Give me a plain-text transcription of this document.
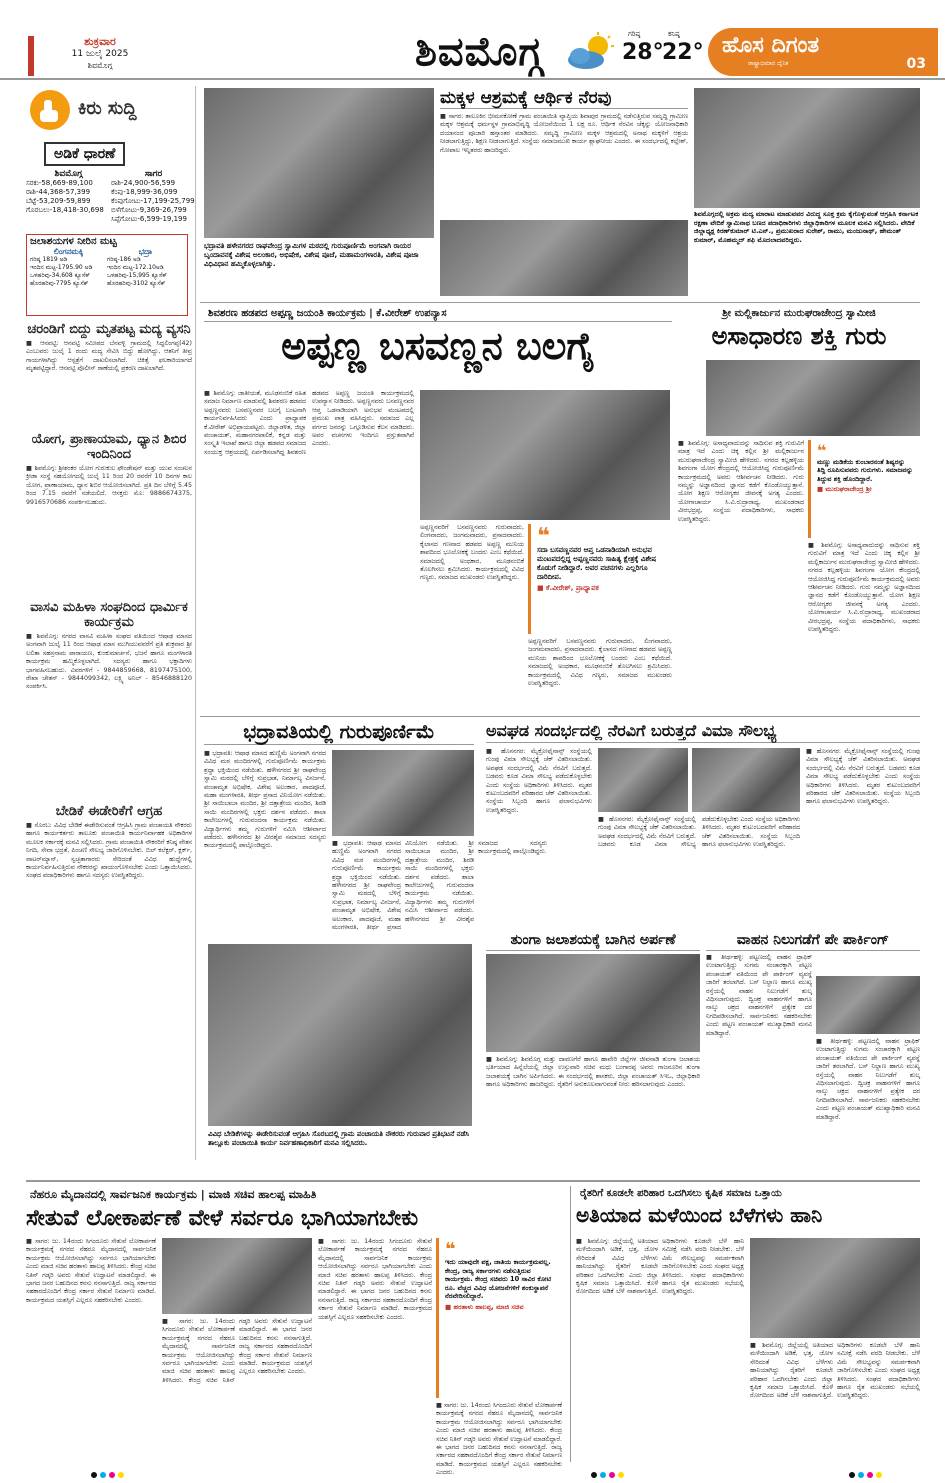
ಶುಕ್ರವಾರ
11 ಜುಲೈ 2025
ಶಿವಮೊಗ್ಗ	ಶಿವಮೊಗ್ಗ	ಗರಿಷ್ಠ	ಕನಿಷ್ಠ
28°
22° ಹೊಸ ದಿಗಂತ
ರಾಷ್ಟ್ರಾಭಿಮಾನ ದೈನಿಕ	03
ಕಿರು ಸುದ್ದಿ
ಅಡಿಕೆ ಧಾರಣೆ
ಶಿವಮೊಗ್ಗ
ಸರಕು-58,669-89,100
ರಾಶಿ-44,368-57,399
ಬೆಟ್ಟೆ-53,209-59,899
ಗೊರಬಲು-18,418-30,698
ಸಾಗರ
ರಾಶಿ-24,900-56,599
ಕೆಂಪು-18,999-36,099
ಕೆಂಪುಗೋಟು-17,199-25,799
ಬಿಳೆಗೋಟು-9,369-26,799
ಸಿಪ್ಪೆಗೋಟು-6,599-19,199
ಜಲಾಶಯಗಳ ನೀರಿನ ಮಟ್ಟ
ಲಿಂಗನಮಕ್ಕಿ
ಗರಿಷ್ಠ 1819 ಅಡಿ
ಇಂದಿನ ಮಟ್ಟ-1795.90 ಅಡಿ
ಒಳಹರಿವು-34,608 ಕ್ಯೂಸೆಕ್
ಹೊರಹರಿವು-7795 ಕ್ಯೂಸೆಕ್
ಭದ್ರಾ
ಗರಿಷ್ಠ-186 ಅಡಿ
ಇಂದಿನ ಮಟ್ಟ-172.10ಅಡಿ
ಒಳಹರಿವು-15,995 ಕ್ಯೂಸೆಕ್
ಹೊರಹರಿವು-3102 ಕ್ಯೂಸೆಕ್
ಚರಂಡಿಗೆ ಬಿದ್ದು ಮೃತಪಟ್ಟ ಮದ್ಯ ವ್ಯಸನಿ
■ ಆನವಟ್ಟಿ: ಆನವಟ್ಟಿ ಸಮೀಪದ ಬೆನವಳ್ಳಿ ಗ್ರಾಮದಲ್ಲಿ ಸಿದ್ದಲಿಂಗಪ್ಪ(42) ಎಂಬುವರು ಜುಲೈ 1 ರಂದು ಮದ್ಯ ಸೇವಿಸಿ ಬಿದ್ದು ಹೋಗಿದ್ದು, ಆತನಿಗೆ ತೀವ್ರ ಗಾಯಗಳಾಗಿದ್ದು ಆಸ್ಪತ್ರೆಗೆ ದಾಖಲಿಸಲಾಗಿದೆ. ಚಿಕಿತ್ಸೆ ಫಲಕಾರಿಯಾಗದೆ ಮೃತಪಟ್ಟಿದ್ದಾರೆ. ಆನವಟ್ಟಿ ಪೊಲೀಸ್ ಠಾಣೆಯಲ್ಲಿ ಪ್ರಕರಣ ದಾಖಲಾಗಿದೆ.
ಯೋಗ, ಪ್ರಾಣಾಯಾಮ, ಧ್ಯಾನ ಶಿಬಿರ ಇಂದಿನಿಂದ
■ ಶಿವಮೊಗ್ಗ: ಶ್ರೀಶಂಕರ ಯೋಗ ಗುರುಕುಲ ಫೌಂಡೇಷನ್ ಮತ್ತು ಯುವ ಸಂಚಲನ ಕ್ರೀಡಾ ಸಂಸ್ಥೆ ಸಹಯೋಗದಲ್ಲಿ ಜುಲೈ 11 ರಿಂದ 20 ರವರೆಗೆ 10 ದಿನಗಳ ಕಾಲ ಯೋಗ, ಪ್ರಾಣಾಯಾಮ, ಧ್ಯಾನ ಶಿಬಿರ ಆಯೋಜಿಸಲಾಗಿದೆ. ಪ್ರತಿ ದಿನ ಬೆಳಿಗ್ಗೆ 5.45 ರಿಂದ 7.15 ರವರೆಗೆ ನಡೆಯಲಿದೆ. ಆಸಕ್ತರು ಮೊ: 9886674375, 9916570686 ಸಂಪರ್ಕಿಸಬಹುದು.
ವಾಸವಿ ಮಹಿಳಾ ಸಂಘದಿಂದ ಧಾರ್ಮಿಕ ಕಾರ್ಯಕ್ರಮ
■ ಶಿವಮೊಗ್ಗ: ನಗರದ ವಾಸವಿ ಮಹಿಳಾ ಸಂಘದ ವತಿಯಿಂದ ಆಷಾಢ ಮಾಸದ ಅಂಗವಾಗಿ ಜುಲೈ 11 ರಿಂದ ಆಷಾಢ ಮಾಸ ಮುಗಿಯುವವರೆಗೆ ಪ್ರತಿ ಶುಕ್ರವಾರ ಶ್ರೀ ಲಲಿತಾ ಸಹಸ್ರನಾಮ ಪಾರಾಯಣ, ಕುಂಕುಮಾರ್ಚನೆ, ಭಜನೆ ಹಾಗೂ ಮಂಗಳಾರತಿ ಕಾರ್ಯಕ್ರಮ ಹಮ್ಮಿಕೊಳ್ಳಲಾಗಿದೆ. ಸದಸ್ಯರು ಹಾಗೂ ಭಕ್ತಾದಿಗಳು ಭಾಗವಹಿಸಬಹುದು. ವಿವರಗಳಿಗೆ - 9844859668, 8197475100, ರೇಖಾ ಚೇತನ್ - 9844099342, ಲಕ್ಷ್ಮಿ ಅನಿಲ್ - 8546888120 ಸಂಪರ್ಕಿಸಿ.
ಬೇಡಿಕೆ ಈಡೇರಿಕೆಗೆ ಆಗ್ರಹ
■ ಸೊರಬ: ವಿವಿಧ ಬೇಡಿಕೆ ಈಡೇರಿಸುವಂತೆ ಆಗ್ರಹಿಸಿ ಗ್ರಾಮ ಪಂಚಾಯತಿ ನೌಕರರು ಹಾಗೂ ಕಾರ್ಯಕರ್ತರು ತಾಲೂಕು ಪಂಚಾಯಿತಿ ಕಾರ್ಯನಿರ್ವಾಹಕ ಅಧಿಕಾರಿಗಳ ಮೂಲಕ ಸರ್ಕಾರಕ್ಕೆ ಮನವಿ ಸಲ್ಲಿಸಿದರು. ಗ್ರಾಮ ಪಂಚಾಯಿತಿ ನೌಕರರಿಗೆ ಕನಿಷ್ಠ ವೇತನ ನಿಗದಿ, ಸೇವಾ ಭದ್ರತೆ, ಪಿಂಚಣಿ ಸೌಲಭ್ಯ ಜಾರಿಗೊಳಿಸಬೇಕು. ಬಿಲ್ ಕಲೆಕ್ಟರ್, ಕ್ಲರ್ಕ್, ವಾಟರ್‌ಮ್ಯಾನ್, ಸ್ವಚ್ಛತಾಗಾರರು ಸೇರಿದಂತೆ ವಿವಿಧ ಹುದ್ದೆಗಳಲ್ಲಿ ಕಾರ್ಯನಿರ್ವಹಿಸುತ್ತಿರುವ ನೌಕರರನ್ನು ಖಾಯಂಗೊಳಿಸಬೇಕು ಎಂದು ಒತ್ತಾಯಿಸಿದರು. ಸಂಘದ ಪದಾಧಿಕಾರಿಗಳು ಹಾಗೂ ಸದಸ್ಯರು ಉಪಸ್ಥಿತರಿದ್ದರು.
ಭದ್ರಾವತಿ ಹಳೇನಗರದ ರಾಘವೇಂದ್ರ ಸ್ವಾಮಿಗಳ ಮಠದಲ್ಲಿ ಗುರುಪೂರ್ಣಿಮೆ ಅಂಗವಾಗಿ ರಾಯರ ಬೃಂದಾವನಕ್ಕೆ ವಿಶೇಷ ಅಲಂಕಾರ, ಅಭಿಷೇಕ, ವಿಶೇಷ ಪೂಜೆ, ಮಹಾಮಂಗಳಾರತಿ, ವಿಶೇಷ ಪೂಜಾ ವಿಧಿವಿಧಾನ ಹಮ್ಮಿಕೊಳ್ಳಲಾಗಿತ್ತು.
ಮಕ್ಕಳ ಆಶ್ರಮಕ್ಕೆ ಆರ್ಥಿಕ ನೆರವು
■ ಸಾಗರ: ತಾಲೂಕಿನ ಭೀಮನಕೋಣೆ ಗ್ರಾಮ ಪಂಚಾಯಿತಿ ವ್ಯಾಪ್ತಿಯ ಶಿವಾಪುರ ಗ್ರಾಮದಲ್ಲಿ ನಡೆಸುತ್ತಿರುವ ಸಮೃದ್ಧಿ ಗ್ರಾಮೀಣ ಮಕ್ಕಳ ಆಶ್ರಮಕ್ಕೆ ಧರ್ಮಸ್ಥಳ ಗ್ರಾಮಾಭಿವೃದ್ಧಿ ಯೋಜನೆಯಿಂದ 1 ಲಕ್ಷ ರೂ. ಆರ್ಥಿಕ ನೆರವಿನ ಚೆಕ್ಕನ್ನು ಯೋಜನಾಧಿಕಾರಿ ದಯಾನಂದ ಪೂಜಾರಿ ಹಸ್ತಾಂತರ ಮಾಡಿದರು. ಸಮೃದ್ಧಿ ಗ್ರಾಮೀಣ ಮಕ್ಕಳ ಆಶ್ರಮದಲ್ಲಿ ಅನಾಥ ಮಕ್ಕಳಿಗೆ ಆಶ್ರಯ ನೀಡಲಾಗುತ್ತಿದ್ದು, ಶಿಕ್ಷಣ ನೀಡಲಾಗುತ್ತಿದೆ. ಸಂಸ್ಥೆಯ ಸಮಾಜಮುಖಿ ಕಾರ್ಯ ಶ್ಲಾಘನೀಯ ಎಂದರು. ಈ ಸಂದರ್ಭದಲ್ಲಿ ಕಲ್ಲೇಶ್, ಗೋಪಾಲ ಇನ್ನಿತರರು ಹಾಜರಿದ್ದರು.
ಶಿವಮೊಗ್ಗದಲ್ಲಿ ಅಕ್ರಮ ಮದ್ಯ ಮಾರಾಟ ಮಾಡುವವರ ವಿರುದ್ಧ ಸೂಕ್ತ ಕ್ರಮ ಕೈಗೊಳ್ಳುವಂತೆ ಆಗ್ರಹಿಸಿ ಕರ್ನಾಟಕ ರಕ್ಷಣಾ ವೇದಿಕೆ ಸ್ವಾಮಿನಾಥ ಬಣದ ಪದಾಧಿಕಾರಿಗಳು ಜಿಲ್ಲಾಧಿಕಾರಿಗಳ ಮೂಲಕ ಮನವಿ ಸಲ್ಲಿಸಿದರು. ವೇದಿಕೆ ಜಿಲ್ಲಾಧ್ಯಕ್ಷ ಕಿರಣ್‌ಕುಮಾರ್ ಟಿ.ಎನ್., ಪ್ರಮುಖರಾದ ಸುರೇಶ್, ರಾಮು, ಮಂಜುನಾಥ್, ಹೇಮಂತ್ ಕುಮಾರ್, ಮೊಹಮ್ಮದ್ ಶಫಿ ಮೊದಲಾದವರಿದ್ದರು.
ಶಿವಶರಣ ಹಡಪದ ಅಪ್ಪಣ್ಣ ಜಯಂತಿ ಕಾರ್ಯಕ್ರಮ | ಕೆ.ವೀರೇಶ್ ಉಪನ್ಯಾಸ
ಅಪ್ಪಣ್ಣ ಬಸವಣ್ಣನ ಬಲಗೈ
■ ಶಿವಮೊಗ್ಗ: ಜಾತೀಯತೆ, ಮೂಢನಂಬಿಕೆ ರಹಿತ ಸಮಾಜ ನಿರ್ಮಾಣ ಮಾಡುವಲ್ಲಿ ಶಿವಶರಣ ಹಡಪದ ಅಪ್ಪಣ್ಣನವರು ಬಸವಣ್ಣನವರ ಬಲಗೈ ಬಂಟನಾಗಿ ಕಾರ್ಯನಿರ್ವಹಿಸಿದರು ಎಂದು ಪ್ರಾಧ್ಯಾಪಕ ಕೆ.ವೀರೇಶ್ ಅಭಿಪ್ರಾಯಪಟ್ಟರು. ಜಿಲ್ಲಾಡಳಿತ, ಜಿಲ್ಲಾ ಪಂಚಾಯತ್, ಮಹಾನಗರಪಾಲಿಕೆ, ಕನ್ನಡ ಮತ್ತು ಸಂಸ್ಕೃತಿ ಇಲಾಖೆ ಹಾಗೂ ಜಿಲ್ಲಾ ಹಡಪದ ಸಮಾಜದ ಸಂಯುಕ್ತ ಆಶ್ರಯದಲ್ಲಿ ಏರ್ಪಡಿಸಲಾಗಿದ್ದ ಶಿವಶರಣ ಹಡಪದ ಅಪ್ಪಣ್ಣ ಜಯಂತಿ ಕಾರ್ಯಕ್ರಮದಲ್ಲಿ ಉಪನ್ಯಾಸ ನೀಡಿದರು. ಅಪ್ಪಣ್ಣನವರು ಬಸವಣ್ಣನವರ ಆಪ್ತ ಒಡನಾಡಿಯಾಗಿ ಅನುಭವ ಮಂಟಪದಲ್ಲಿ ಪ್ರಮುಖ ಪಾತ್ರ ವಹಿಸಿದ್ದರು. ಸಮಾಜದ ಎಲ್ಲ ವರ್ಗದ ಜನರನ್ನು ಒಗ್ಗೂಡಿಸುವ ಕೆಲಸ ಮಾಡಿದರು. ಅವರ ವಚನಗಳು ಇಂದಿಗೂ ಪ್ರಸ್ತುತವಾಗಿವೆ ಎಂದರು.
ಅಪ್ಪಣ್ಣನವರಿಗೆ ಬಸವಣ್ಣನವರು ಗುರುವಾದರು, ಲಿಂಗವಾದರು, ಜಂಗಮವಾದರು, ಪ್ರಸಾದವಾದರು. ಕೈಲಾಸದ ಗಣನಾದ ಹಡಪದ ಅಪ್ಪಣ್ಣ ಮುನಿಯ ಶಾಪದಿಂದ ಭೂಲೋಕಕ್ಕೆ ಬಂದರು ಎಂಬ ಕಥೆಯಿದೆ. ಸಮಾಜದಲ್ಲಿ ಅಂಧಕಾರ, ಮೂಢನಂಬಿಕೆ ತೊಲಗಿಸಲು ಶ್ರಮಿಸಿದರು. ಕಾರ್ಯಕ್ರಮದಲ್ಲಿ ವಿವಿಧ ಗಣ್ಯರು, ಸಮಾಜದ ಮುಖಂಡರು ಉಪಸ್ಥಿತರಿದ್ದರು.
❝
ಸದಾ ಬಸವಣ್ಣನವರ ಆಪ್ತ ಒಡನಾಡಿಯಾಗಿ ಅನುಭವ ಮಂಟಪದಲ್ಲಿದ್ದ ಅಪ್ಪಣ್ಣನವರು ಸಾಹಿತ್ಯ ಕ್ಷೇತ್ರಕ್ಕೆ ವಿಶೇಷ ಕೊಡುಗೆ ನೀಡಿದ್ದಾರೆ. ಅವರ ವಚನಗಳು ಎಲ್ಲರಿಗೂ ದಾರಿದೀಪ.
■ ಕೆ.ವೀರೇಶ್, ಪ್ರಾಧ್ಯಾಪಕ
ಅಪ್ಪಣ್ಣನವರಿಗೆ ಬಸವಣ್ಣನವರು ಗುರುವಾದರು, ಲಿಂಗವಾದರು, ಜಂಗಮವಾದರು, ಪ್ರಸಾದವಾದರು. ಕೈಲಾಸದ ಗಣನಾದ ಹಡಪದ ಅಪ್ಪಣ್ಣ ಮುನಿಯ ಶಾಪದಿಂದ ಭೂಲೋಕಕ್ಕೆ ಬಂದರು ಎಂಬ ಕಥೆಯಿದೆ. ಸಮಾಜದಲ್ಲಿ ಅಂಧಕಾರ, ಮೂಢನಂಬಿಕೆ ತೊಲಗಿಸಲು ಶ್ರಮಿಸಿದರು. ಕಾರ್ಯಕ್ರಮದಲ್ಲಿ ವಿವಿಧ ಗಣ್ಯರು, ಸಮಾಜದ ಮುಖಂಡರು ಉಪಸ್ಥಿತರಿದ್ದರು.
ಶ್ರೀ ಮಲ್ಲಿಕಾರ್ಜುನ ಮುರುಘರಾಜೇಂದ್ರ ಸ್ವಾಮೀಜಿ
ಅಸಾಧಾರಣ ಶಕ್ತಿ ಗುರು
❝
ಮಣ್ಣು ಮಡಿಕೆಯ ಕುಂಬಾರನಂತೆ ಶಿಷ್ಯರನ್ನು ತಿದ್ದಿ ರೂಪಿಸುವವರು ಗುರುಗಳು. ಸಮಾಜವನ್ನು ತಿದ್ದುವ ಶಕ್ತಿ ಹೊಂದಿದ್ದಾರೆ.
■ ಮುರುಘರಾಜೇಂದ್ರ ಶ್ರೀ
■ ಶಿವಮೊಗ್ಗ: ಅಸಾಧ್ಯವಾದುದನ್ನು ಸಾಧಿಸುವ ಶಕ್ತಿ ಗುರುವಿಗೆ ಮಾತ್ರ ಇದೆ ಎಂದು ಚಿಕ್ಕ ಕಲ್ಲಿನ ಶ್ರೀ ಮಲ್ಲಿಕಾರ್ಜುನ ಮುರುಘರಾಜೇಂದ್ರ ಸ್ವಾಮೀಜಿ ಹೇಳಿದರು. ನಗರದ ಕಲ್ಲಹಳ್ಳಿಯ ಶಿವಗಂಗಾ ಯೋಗ ಕೇಂದ್ರದಲ್ಲಿ ಆಯೋಜಿಸಿದ್ದ ಗುರುಪೂರ್ಣಿಮೆ ಕಾರ್ಯಕ್ರಮದಲ್ಲಿ ಅವರು ಆಶೀರ್ವಚನ ನೀಡಿದರು. ಗುರು ನಮ್ಮನ್ನು ಅಜ್ಞಾನದಿಂದ ಜ್ಞಾನದ ಕಡೆಗೆ ಕೊಂಡೊಯ್ಯುತ್ತಾನೆ. ಯೋಗ ಶಿಕ್ಷಣ ಆರೋಗ್ಯಕರ ಜೀವನಕ್ಕೆ ಅಗತ್ಯ ಎಂದರು. ಯೋಗಾಚಾರ್ಯ ಸಿ.ವಿ.ರುದ್ರಾರಾಧ್ಯ, ಮುಖಂಡರಾದ ವೀರಭದ್ರಪ್ಪ, ಸಂಸ್ಥೆಯ ಪದಾಧಿಕಾರಿಗಳು, ಸಾಧಕರು ಉಪಸ್ಥಿತರಿದ್ದರು.
■ ಶಿವಮೊಗ್ಗ: ಅಸಾಧ್ಯವಾದುದನ್ನು ಸಾಧಿಸುವ ಶಕ್ತಿ ಗುರುವಿಗೆ ಮಾತ್ರ ಇದೆ ಎಂದು ಚಿಕ್ಕ ಕಲ್ಲಿನ ಶ್ರೀ ಮಲ್ಲಿಕಾರ್ಜುನ ಮುರುಘರಾಜೇಂದ್ರ ಸ್ವಾಮೀಜಿ ಹೇಳಿದರು. ನಗರದ ಕಲ್ಲಹಳ್ಳಿಯ ಶಿವಗಂಗಾ ಯೋಗ ಕೇಂದ್ರದಲ್ಲಿ ಆಯೋಜಿಸಿದ್ದ ಗುರುಪೂರ್ಣಿಮೆ ಕಾರ್ಯಕ್ರಮದಲ್ಲಿ ಅವರು ಆಶೀರ್ವಚನ ನೀಡಿದರು. ಗುರು ನಮ್ಮನ್ನು ಅಜ್ಞಾನದಿಂದ ಜ್ಞಾನದ ಕಡೆಗೆ ಕೊಂಡೊಯ್ಯುತ್ತಾನೆ. ಯೋಗ ಶಿಕ್ಷಣ ಆರೋಗ್ಯಕರ ಜೀವನಕ್ಕೆ ಅಗತ್ಯ ಎಂದರು. ಯೋಗಾಚಾರ್ಯ ಸಿ.ವಿ.ರುದ್ರಾರಾಧ್ಯ, ಮುಖಂಡರಾದ ವೀರಭದ್ರಪ್ಪ, ಸಂಸ್ಥೆಯ ಪದಾಧಿಕಾರಿಗಳು, ಸಾಧಕರು ಉಪಸ್ಥಿತರಿದ್ದರು.
ಭದ್ರಾವತಿಯಲ್ಲಿ ಗುರುಪೂರ್ಣಿಮೆ
■ ಭದ್ರಾವತಿ: ಆಷಾಢ ಮಾಸದ ಹುಣ್ಣಿಮೆ ಅಂಗವಾಗಿ ನಗರದ ವಿವಿಧ ಮಠ ಮಂದಿರಗಳಲ್ಲಿ ಗುರುಪೂರ್ಣಿಮೆ ಕಾರ್ಯಕ್ರಮ ಶ್ರದ್ಧಾ ಭಕ್ತಿಯಿಂದ ನಡೆಯಿತು. ಹಳೇನಗರದ ಶ್ರೀ ರಾಘವೇಂದ್ರ ಸ್ವಾಮಿ ಮಠದಲ್ಲಿ ಬೆಳಿಗ್ಗೆ ಸುಪ್ರಭಾತ, ನಿರ್ಮಾಲ್ಯ ವಿಸರ್ಜನೆ, ಪಂಚಾಮೃತ ಅಭಿಷೇಕ, ವಿಶೇಷ ಅಲಂಕಾರ, ಪಾದಪೂಜೆ, ಮಹಾ ಮಂಗಳಾರತಿ, ತೀರ್ಥ ಪ್ರಸಾದ ವಿನಿಯೋಗ ನಡೆಯಿತು. ಶ್ರೀ ಸಾಯಿಬಾಬಾ ಮಂದಿರ, ಶ್ರೀ ದತ್ತಾತ್ರೇಯ ಮಂದಿರ, ಶಿರಡಿ ಸಾಯಿ ಮಂದಿರಗಳಲ್ಲಿ ಭಕ್ತರು ದರ್ಶನ ಪಡೆದರು. ಶಾಲಾ ಕಾಲೇಜುಗಳಲ್ಲಿ ಗುರುವಂದನಾ ಕಾರ್ಯಕ್ರಮ ನಡೆಯಿತು. ವಿದ್ಯಾರ್ಥಿಗಳು ತಮ್ಮ ಗುರುಗಳಿಗೆ ನಮಿಸಿ ಆಶೀರ್ವಾದ ಪಡೆದರು. ಹಳೇನಗರದ ಶ್ರೀ ವೀರಶೈವ ಸಮಾಜದ ಸದಸ್ಯರು ಕಾರ್ಯಕ್ರಮದಲ್ಲಿ ಪಾಲ್ಗೊಂಡಿದ್ದರು.	■ ಭದ್ರಾವತಿ: ಆಷಾಢ ಮಾಸದ ಹುಣ್ಣಿಮೆ ಅಂಗವಾಗಿ ನಗರದ ವಿವಿಧ ಮಠ ಮಂದಿರಗಳಲ್ಲಿ ಗುರುಪೂರ್ಣಿಮೆ ಕಾರ್ಯಕ್ರಮ ಶ್ರದ್ಧಾ ಭಕ್ತಿಯಿಂದ ನಡೆಯಿತು. ಹಳೇನಗರದ ಶ್ರೀ ರಾಘವೇಂದ್ರ ಸ್ವಾಮಿ ಮಠದಲ್ಲಿ ಬೆಳಿಗ್ಗೆ ಸುಪ್ರಭಾತ, ನಿರ್ಮಾಲ್ಯ ವಿಸರ್ಜನೆ, ಪಂಚಾಮೃತ ಅಭಿಷೇಕ, ವಿಶೇಷ ಅಲಂಕಾರ, ಪಾದಪೂಜೆ, ಮಹಾ ಮಂಗಳಾರತಿ, ತೀರ್ಥ ಪ್ರಸಾದ ವಿನಿಯೋಗ ನಡೆಯಿತು. ಶ್ರೀ ಸಾಯಿಬಾಬಾ ಮಂದಿರ, ಶ್ರೀ ದತ್ತಾತ್ರೇಯ ಮಂದಿರ, ಶಿರಡಿ ಸಾಯಿ ಮಂದಿರಗಳಲ್ಲಿ ಭಕ್ತರು ದರ್ಶನ ಪಡೆದರು. ಶಾಲಾ ಕಾಲೇಜುಗಳಲ್ಲಿ ಗುರುವಂದನಾ ಕಾರ್ಯಕ್ರಮ ನಡೆಯಿತು. ವಿದ್ಯಾರ್ಥಿಗಳು ತಮ್ಮ ಗುರುಗಳಿಗೆ ನಮಿಸಿ ಆಶೀರ್ವಾದ ಪಡೆದರು. ಹಳೇನಗರದ ಶ್ರೀ ವೀರಶೈವ ಸಮಾಜದ ಸದಸ್ಯರು ಕಾರ್ಯಕ್ರಮದಲ್ಲಿ ಪಾಲ್ಗೊಂಡಿದ್ದರು.
ಅವಘಡ ಸಂದರ್ಭದಲ್ಲಿ ನೆರವಿಗೆ ಬರುತ್ತದೆ ವಿಮಾ ಸೌಲಭ್ಯ
■ ಹೊಸನಗರ: ಮೈಕ್ರೋಫೈನಾನ್ಸ್ ಸಂಸ್ಥೆಯಲ್ಲಿ ಗುಂಪು ವಿಮಾ ಸೌಲಭ್ಯಕ್ಕೆ ಚೆಕ್ ವಿತರಿಸಲಾಯಿತು. ಅವಘಡ ಸಂದರ್ಭದಲ್ಲಿ ವಿಮೆ ನೆರವಿಗೆ ಬರುತ್ತದೆ. ಬಡವರು ಕೂಡ ವಿಮಾ ಸೌಲಭ್ಯ ಪಡೆದುಕೊಳ್ಳಬೇಕು ಎಂದು ಸಂಸ್ಥೆಯ ಅಧಿಕಾರಿಗಳು ತಿಳಿಸಿದರು. ಮೃತರ ಕುಟುಂಬದವರಿಗೆ ಪರಿಹಾರದ ಚೆಕ್ ವಿತರಿಸಲಾಯಿತು. ಸಂಸ್ಥೆಯ ಸಿಬ್ಬಂದಿ ಹಾಗೂ ಫಲಾನುಭವಿಗಳು ಉಪಸ್ಥಿತರಿದ್ದರು.
■ ಹೊಸನಗರ: ಮೈಕ್ರೋಫೈನಾನ್ಸ್ ಸಂಸ್ಥೆಯಲ್ಲಿ ಗುಂಪು ವಿಮಾ ಸೌಲಭ್ಯಕ್ಕೆ ಚೆಕ್ ವಿತರಿಸಲಾಯಿತು. ಅವಘಡ ಸಂದರ್ಭದಲ್ಲಿ ವಿಮೆ ನೆರವಿಗೆ ಬರುತ್ತದೆ. ಬಡವರು ಕೂಡ ವಿಮಾ ಸೌಲಭ್ಯ ಪಡೆದುಕೊಳ್ಳಬೇಕು ಎಂದು ಸಂಸ್ಥೆಯ ಅಧಿಕಾರಿಗಳು ತಿಳಿಸಿದರು. ಮೃತರ ಕುಟುಂಬದವರಿಗೆ ಪರಿಹಾರದ ಚೆಕ್ ವಿತರಿಸಲಾಯಿತು. ಸಂಸ್ಥೆಯ ಸಿಬ್ಬಂದಿ ಹಾಗೂ ಫಲಾನುಭವಿಗಳು ಉಪಸ್ಥಿತರಿದ್ದರು.
■ ಹೊಸನಗರ: ಮೈಕ್ರೋಫೈನಾನ್ಸ್ ಸಂಸ್ಥೆಯಲ್ಲಿ ಗುಂಪು ವಿಮಾ ಸೌಲಭ್ಯಕ್ಕೆ ಚೆಕ್ ವಿತರಿಸಲಾಯಿತು. ಅವಘಡ ಸಂದರ್ಭದಲ್ಲಿ ವಿಮೆ ನೆರವಿಗೆ ಬರುತ್ತದೆ. ಬಡವರು ಕೂಡ ವಿಮಾ ಸೌಲಭ್ಯ ಪಡೆದುಕೊಳ್ಳಬೇಕು ಎಂದು ಸಂಸ್ಥೆಯ ಅಧಿಕಾರಿಗಳು ತಿಳಿಸಿದರು. ಮೃತರ ಕುಟುಂಬದವರಿಗೆ ಪರಿಹಾರದ ಚೆಕ್ ವಿತರಿಸಲಾಯಿತು. ಸಂಸ್ಥೆಯ ಸಿಬ್ಬಂದಿ ಹಾಗೂ ಫಲಾನುಭವಿಗಳು ಉಪಸ್ಥಿತರಿದ್ದರು.
ತುಂಗಾ ಜಲಾಶಯಕ್ಕೆ ಬಾಗಿನ ಅರ್ಪಣೆ
■ ಶಿವಮೊಗ್ಗ: ಶಿವಮೊಗ್ಗ ಮತ್ತು ದಾವಣಗೆರೆ ಹಾಗೂ ಹಾವೇರಿ ಜಿಲ್ಲೆಗಳ ಜೀವನಾಡಿ ತುಂಗಾ ಜಲಾಶಯ ಭರ್ತಿಯಾದ ಹಿನ್ನೆಲೆಯಲ್ಲಿ ಜಿಲ್ಲಾ ಉಸ್ತುವಾರಿ ಸಚಿವ ಮಧು ಬಂಗಾರಪ್ಪ ಅವರು ಗಾಜನೂರಿನ ತುಂಗಾ ಜಲಾಶಯಕ್ಕೆ ಬಾಗಿನ ಅರ್ಪಿಸಿದರು. ಈ ಸಂದರ್ಭದಲ್ಲಿ ಶಾಸಕರು, ಜಿಲ್ಲಾ ಪಂಚಾಯತ್ ಸಿಇಒ, ಜಿಲ್ಲಾಧಿಕಾರಿ ಹಾಗೂ ಅಧಿಕಾರಿಗಳು ಹಾಜರಿದ್ದರು. ರೈತರಿಗೆ ಅನುಕೂಲವಾಗುವಂತೆ ನೀರು ಹರಿಸಲಾಗುವುದು ಎಂದರು.
ವಾಹನ ನಿಲುಗಡೆಗೆ ಪೇ ಪಾರ್ಕಿಂಗ್
■ ತೀರ್ಥಹಳ್ಳಿ: ಪಟ್ಟಣದಲ್ಲಿ ವಾಹನ ಟ್ರಾಫಿಕ್ ಉಂಟಾಗುತ್ತಿದ್ದು ಸುಗಮ ಸಂಚಾರಕ್ಕಾಗಿ ಪಟ್ಟಣ ಪಂಚಾಯತ್ ವತಿಯಿಂದ ಪೇ ಪಾರ್ಕಿಂಗ್ ವ್ಯವಸ್ಥೆ ಜಾರಿಗೆ ತರಲಾಗಿದೆ. ಬಸ್ ನಿಲ್ದಾಣ ಹಾಗೂ ಮುಖ್ಯ ರಸ್ತೆಯಲ್ಲಿ ವಾಹನ ನಿಲುಗಡೆಗೆ ಶುಲ್ಕ ವಿಧಿಸಲಾಗುವುದು. ದ್ವಿಚಕ್ರ ವಾಹನಗಳಿಗೆ ಹಾಗೂ ನಾಲ್ಕು ಚಕ್ರದ ವಾಹನಗಳಿಗೆ ಪ್ರತ್ಯೇಕ ದರ ನಿಗದಿಪಡಿಸಲಾಗಿದೆ. ಸಾರ್ವಜನಿಕರು ಸಹಕರಿಸಬೇಕು ಎಂದು ಪಟ್ಟಣ ಪಂಚಾಯತ್ ಮುಖ್ಯಾಧಿಕಾರಿ ಮನವಿ ಮಾಡಿದ್ದಾರೆ.
■ ತೀರ್ಥಹಳ್ಳಿ: ಪಟ್ಟಣದಲ್ಲಿ ವಾಹನ ಟ್ರಾಫಿಕ್ ಉಂಟಾಗುತ್ತಿದ್ದು ಸುಗಮ ಸಂಚಾರಕ್ಕಾಗಿ ಪಟ್ಟಣ ಪಂಚಾಯತ್ ವತಿಯಿಂದ ಪೇ ಪಾರ್ಕಿಂಗ್ ವ್ಯವಸ್ಥೆ ಜಾರಿಗೆ ತರಲಾಗಿದೆ. ಬಸ್ ನಿಲ್ದಾಣ ಹಾಗೂ ಮುಖ್ಯ ರಸ್ತೆಯಲ್ಲಿ ವಾಹನ ನಿಲುಗಡೆಗೆ ಶುಲ್ಕ ವಿಧಿಸಲಾಗುವುದು. ದ್ವಿಚಕ್ರ ವಾಹನಗಳಿಗೆ ಹಾಗೂ ನಾಲ್ಕು ಚಕ್ರದ ವಾಹನಗಳಿಗೆ ಪ್ರತ್ಯೇಕ ದರ ನಿಗದಿಪಡಿಸಲಾಗಿದೆ. ಸಾರ್ವಜನಿಕರು ಸಹಕರಿಸಬೇಕು ಎಂದು ಪಟ್ಟಣ ಪಂಚಾಯತ್ ಮುಖ್ಯಾಧಿಕಾರಿ ಮನವಿ ಮಾಡಿದ್ದಾರೆ.
ವಿವಿಧ ಬೇಡಿಕೆಗಳನ್ನು ಈಡೇರಿಸುವಂತೆ ಆಗ್ರಹಿಸಿ ಸೊರಬದಲ್ಲಿ ಗ್ರಾಮ ಪಂಚಾಯತಿ ನೌಕರರು ಗುರುವಾರ ಪ್ರತಿಭಟನೆ ನಡೆಸಿ ತಾಲ್ಲೂಕು ಪಂಚಾಯಿತಿ ಕಾರ್ಯ ನಿರ್ವಹಣಾಧಿಕಾರಿಗೆ ಮನವಿ ಸಲ್ಲಿಸಿದರು.
ನೆಹರೂ ಮೈದಾನದಲ್ಲಿ ಸಾರ್ವಜನಿಕ ಕಾರ್ಯಕ್ರಮ | ಮಾಜಿ ಸಚಿವ ಹಾಲಪ್ಪ ಮಾಹಿತಿ
ಸೇತುವೆ ಲೋಕಾರ್ಪಣೆ ವೇಳೆ ಸರ್ವರೂ ಭಾಗಿಯಾಗಬೇಕು
■ ಸಾಗರ: ಜು. 14ರಂದು ಸಿಗಂದೂರು ಸೇತುವೆ ಲೋಕಾರ್ಪಣೆ ಕಾರ್ಯಕ್ರಮಕ್ಕೆ ನಗರದ ನೆಹರೂ ಮೈದಾನದಲ್ಲಿ ಸಾರ್ವಜನಿಕ ಕಾರ್ಯಕ್ರಮ ಆಯೋಜಿಸಲಾಗಿದ್ದು ಸರ್ವರೂ ಭಾಗಿಯಾಗಬೇಕು ಎಂದು ಮಾಜಿ ಸಚಿವ ಹರತಾಳು ಹಾಲಪ್ಪ ತಿಳಿಸಿದರು. ಕೇಂದ್ರ ಸಚಿವ ನಿತಿನ್ ಗಡ್ಕರಿ ಅವರು ಸೇತುವೆ ಉದ್ಘಾಟನೆ ಮಾಡಲಿದ್ದಾರೆ. ಈ ಭಾಗದ ಜನರ ಬಹುದಿನದ ಕನಸು ನನಸಾಗುತ್ತಿದೆ. ರಾಜ್ಯ ಸರ್ಕಾರದ ಸಹಕಾರದೊಂದಿಗೆ ಕೇಂದ್ರ ಸರ್ಕಾರ ಸೇತುವೆ ನಿರ್ಮಾಣ ಮಾಡಿದೆ. ಕಾರ್ಯಕ್ರಮದ ಯಶಸ್ಸಿಗೆ ಎಲ್ಲರೂ ಸಹಕರಿಸಬೇಕು ಎಂದರು.
■ ಸಾಗರ: ಜು. 14ರಂದು ಸಿಗಂದೂರು ಸೇತುವೆ ಲೋಕಾರ್ಪಣೆ ಕಾರ್ಯಕ್ರಮಕ್ಕೆ ನಗರದ ನೆಹರೂ ಮೈದಾನದಲ್ಲಿ ಸಾರ್ವಜನಿಕ ಕಾರ್ಯಕ್ರಮ ಆಯೋಜಿಸಲಾಗಿದ್ದು ಸರ್ವರೂ ಭಾಗಿಯಾಗಬೇಕು ಎಂದು ಮಾಜಿ ಸಚಿವ ಹರತಾಳು ಹಾಲಪ್ಪ ತಿಳಿಸಿದರು. ಕೇಂದ್ರ ಸಚಿವ ನಿತಿನ್ ಗಡ್ಕರಿ ಅವರು ಸೇತುವೆ ಉದ್ಘಾಟನೆ ಮಾಡಲಿದ್ದಾರೆ. ಈ ಭಾಗದ ಜನರ ಬಹುದಿನದ ಕನಸು ನನಸಾಗುತ್ತಿದೆ. ರಾಜ್ಯ ಸರ್ಕಾರದ ಸಹಕಾರದೊಂದಿಗೆ ಕೇಂದ್ರ ಸರ್ಕಾರ ಸೇತುವೆ ನಿರ್ಮಾಣ ಮಾಡಿದೆ. ಕಾರ್ಯಕ್ರಮದ ಯಶಸ್ಸಿಗೆ ಎಲ್ಲರೂ ಸಹಕರಿಸಬೇಕು ಎಂದರು.
■ ಸಾಗರ: ಜು. 14ರಂದು ಸಿಗಂದೂರು ಸೇತುವೆ ಲೋಕಾರ್ಪಣೆ ಕಾರ್ಯಕ್ರಮಕ್ಕೆ ನಗರದ ನೆಹರೂ ಮೈದಾನದಲ್ಲಿ ಸಾರ್ವಜನಿಕ ಕಾರ್ಯಕ್ರಮ ಆಯೋಜಿಸಲಾಗಿದ್ದು ಸರ್ವರೂ ಭಾಗಿಯಾಗಬೇಕು ಎಂದು ಮಾಜಿ ಸಚಿವ ಹರತಾಳು ಹಾಲಪ್ಪ ತಿಳಿಸಿದರು. ಕೇಂದ್ರ ಸಚಿವ ನಿತಿನ್ ಗಡ್ಕರಿ ಅವರು ಸೇತುವೆ ಉದ್ಘಾಟನೆ ಮಾಡಲಿದ್ದಾರೆ. ಈ ಭಾಗದ ಜನರ ಬಹುದಿನದ ಕನಸು ನನಸಾಗುತ್ತಿದೆ. ರಾಜ್ಯ ಸರ್ಕಾರದ ಸಹಕಾರದೊಂದಿಗೆ ಕೇಂದ್ರ ಸರ್ಕಾರ ಸೇತುವೆ ನಿರ್ಮಾಣ ಮಾಡಿದೆ. ಕಾರ್ಯಕ್ರಮದ ಯಶಸ್ಸಿಗೆ ಎಲ್ಲರೂ ಸಹಕರಿಸಬೇಕು ಎಂದರು.
❝
ಇದು ಯಾವುದೇ ಪಕ್ಷ, ಜಾತಿಯ ಕಾರ್ಯಕ್ರಮವಲ್ಲ. ಕೇಂದ್ರ, ರಾಜ್ಯ ಸರ್ಕಾರಗಳು ನಡೆಸುತ್ತಿರುವ ಕಾರ್ಯಕ್ರಮ. ಕೇಂದ್ರ ಸಚಿವರು 10 ಸಾವಿರ ಕೋಟಿ ರೂ. ವೆಚ್ಚದ ವಿವಿಧ ಯೋಜನೆಗಳಿಗೆ ಶಂಕುಸ್ಥಾಪನೆ ನೆರವೇರಿಸಲಿದ್ದಾರೆ.
■ ಹರತಾಳು ಹಾಲಪ್ಪ, ಮಾಜಿ ಸಚಿವ
■ ಸಾಗರ: ಜು. 14ರಂದು ಸಿಗಂದೂರು ಸೇತುವೆ ಲೋಕಾರ್ಪಣೆ ಕಾರ್ಯಕ್ರಮಕ್ಕೆ ನಗರದ ನೆಹರೂ ಮೈದಾನದಲ್ಲಿ ಸಾರ್ವಜನಿಕ ಕಾರ್ಯಕ್ರಮ ಆಯೋಜಿಸಲಾಗಿದ್ದು ಸರ್ವರೂ ಭಾಗಿಯಾಗಬೇಕು ಎಂದು ಮಾಜಿ ಸಚಿವ ಹರತಾಳು ಹಾಲಪ್ಪ ತಿಳಿಸಿದರು. ಕೇಂದ್ರ ಸಚಿವ ನಿತಿನ್ ಗಡ್ಕರಿ ಅವರು ಸೇತುವೆ ಉದ್ಘಾಟನೆ ಮಾಡಲಿದ್ದಾರೆ. ಈ ಭಾಗದ ಜನರ ಬಹುದಿನದ ಕನಸು ನನಸಾಗುತ್ತಿದೆ. ರಾಜ್ಯ ಸರ್ಕಾರದ ಸಹಕಾರದೊಂದಿಗೆ ಕೇಂದ್ರ ಸರ್ಕಾರ ಸೇತುವೆ ನಿರ್ಮಾಣ ಮಾಡಿದೆ. ಕಾರ್ಯಕ್ರಮದ ಯಶಸ್ಸಿಗೆ ಎಲ್ಲರೂ ಸಹಕರಿಸಬೇಕು ಎಂದರು.
ರೈತರಿಗೆ ಕೂಡಲೇ ಪರಿಹಾರ ಒದಗಿಸಲು ಕೃಷಿಕ ಸಮಾಜ ಒತ್ತಾಯ
ಅತಿಯಾದ ಮಳೆಯಿಂದ ಬೆಳೆಗಳು ಹಾನಿ
■ ಶಿವಮೊಗ್ಗ: ಜಿಲ್ಲೆಯಲ್ಲಿ ಅತಿಯಾದ ಮಳೆಯಿಂದಾಗಿ ಅಡಿಕೆ, ಭತ್ತ, ಜೋಳ ಸೇರಿದಂತೆ ವಿವಿಧ ಬೆಳೆಗಳು ಹಾನಿಯಾಗಿದ್ದು ರೈತರಿಗೆ ಕೂಡಲೇ ಪರಿಹಾರ ಒದಗಿಸಬೇಕು ಎಂದು ಜಿಲ್ಲಾ ಕೃಷಿಕ ಸಮಾಜ ಒತ್ತಾಯಿಸಿದೆ. ಕೊಳೆ ರೋಗದಿಂದ ಅಡಿಕೆ ಬೆಳೆ ನಾಶವಾಗುತ್ತಿದೆ. ಅಧಿಕಾರಿಗಳು ಕೂಡಲೇ ಬೆಳೆ ಹಾನಿ ಸಮೀಕ್ಷೆ ನಡೆಸಿ ವರದಿ ನೀಡಬೇಕು. ಬೆಳೆ ವಿಮೆ ಸೌಲಭ್ಯವನ್ನು ಸಮರ್ಪಕವಾಗಿ ಜಾರಿಗೊಳಿಸಬೇಕು ಎಂದು ಸಂಘದ ಅಧ್ಯಕ್ಷ ತಿಳಿಸಿದರು. ಸಂಘದ ಪದಾಧಿಕಾರಿಗಳು ಹಾಗೂ ರೈತ ಮುಖಂಡರು ಸಭೆಯಲ್ಲಿ ಉಪಸ್ಥಿತರಿದ್ದರು.
■ ಶಿವಮೊಗ್ಗ: ಜಿಲ್ಲೆಯಲ್ಲಿ ಅತಿಯಾದ ಮಳೆಯಿಂದಾಗಿ ಅಡಿಕೆ, ಭತ್ತ, ಜೋಳ ಸೇರಿದಂತೆ ವಿವಿಧ ಬೆಳೆಗಳು ಹಾನಿಯಾಗಿದ್ದು ರೈತರಿಗೆ ಕೂಡಲೇ ಪರಿಹಾರ ಒದಗಿಸಬೇಕು ಎಂದು ಜಿಲ್ಲಾ ಕೃಷಿಕ ಸಮಾಜ ಒತ್ತಾಯಿಸಿದೆ. ಕೊಳೆ ರೋಗದಿಂದ ಅಡಿಕೆ ಬೆಳೆ ನಾಶವಾಗುತ್ತಿದೆ. ಅಧಿಕಾರಿಗಳು ಕೂಡಲೇ ಬೆಳೆ ಹಾನಿ ಸಮೀಕ್ಷೆ ನಡೆಸಿ ವರದಿ ನೀಡಬೇಕು. ಬೆಳೆ ವಿಮೆ ಸೌಲಭ್ಯವನ್ನು ಸಮರ್ಪಕವಾಗಿ ಜಾರಿಗೊಳಿಸಬೇಕು ಎಂದು ಸಂಘದ ಅಧ್ಯಕ್ಷ ತಿಳಿಸಿದರು. ಸಂಘದ ಪದಾಧಿಕಾರಿಗಳು ಹಾಗೂ ರೈತ ಮುಖಂಡರು ಸಭೆಯಲ್ಲಿ ಉಪಸ್ಥಿತರಿದ್ದರು.
